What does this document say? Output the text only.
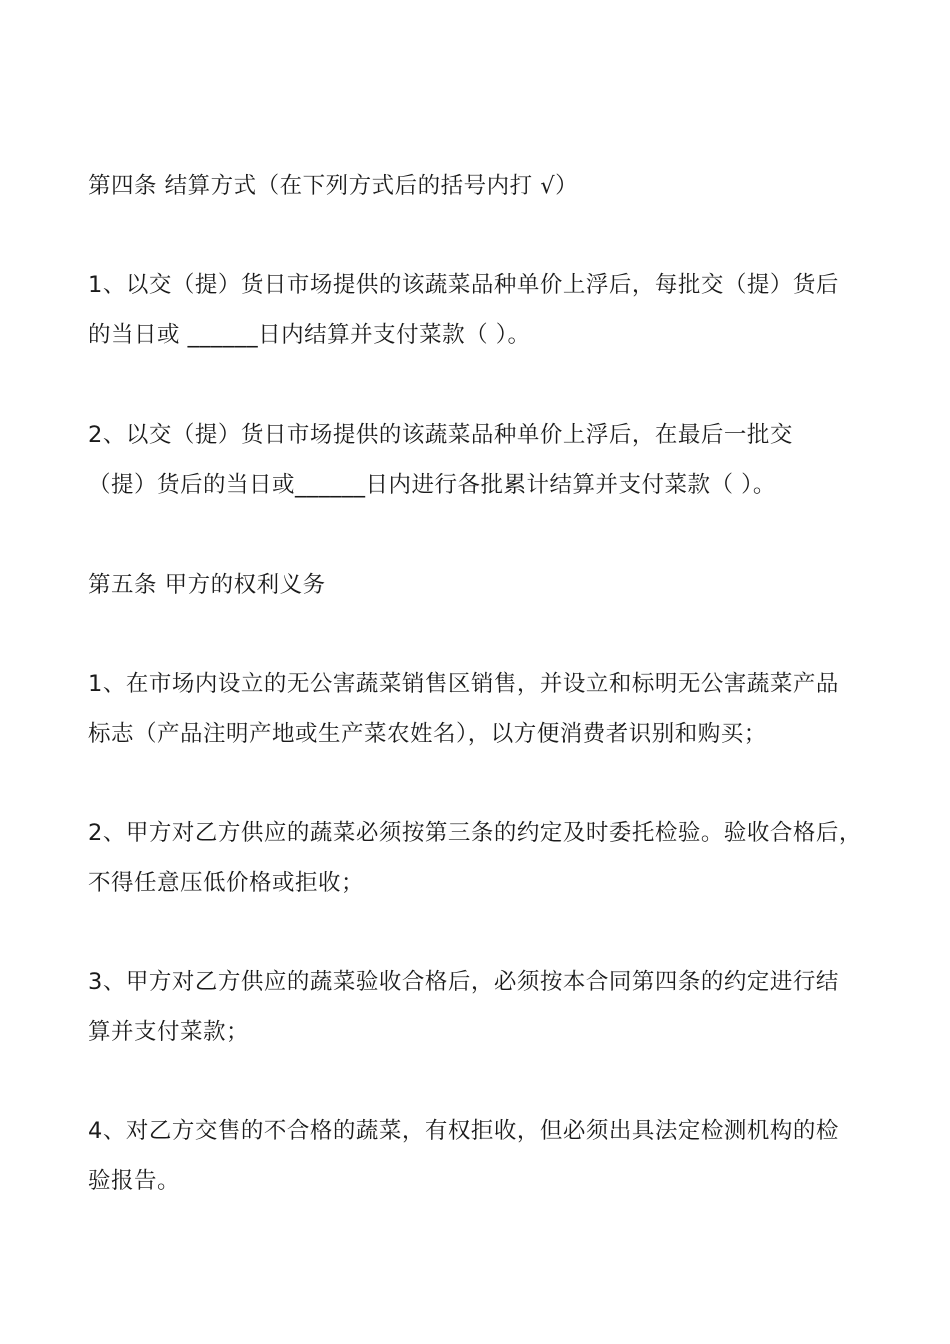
第四条 结算方式（在下列方式后的括号内打 √）

1、以交（提）货日市场提供的该蔬菜品种单价上浮后，每批交（提）货后

的当日或 ______日内结算并支付菜款（ ）。

2、以交（提）货日市场提供的该蔬菜品种单价上浮后，在最后一批交

（提）货后的当日或______日内进行各批累计结算并支付菜款（ ）。

第五条 甲方的权利义务

1、在市场内设立的无公害蔬菜销售区销售，并设立和标明无公害蔬菜产品

标志（产品注明产地或生产菜农姓名），以方便消费者识别和购买；

2、甲方对乙方供应的蔬菜必须按第三条的约定及时委托检验。验收合格后，

不得任意压低价格或拒收；

3、甲方对乙方供应的蔬菜验收合格后，必须按本合同第四条的约定进行结

算并支付菜款；

4、对乙方交售的不合格的蔬菜，有权拒收，但必须出具法定检测机构的检

验报告。
